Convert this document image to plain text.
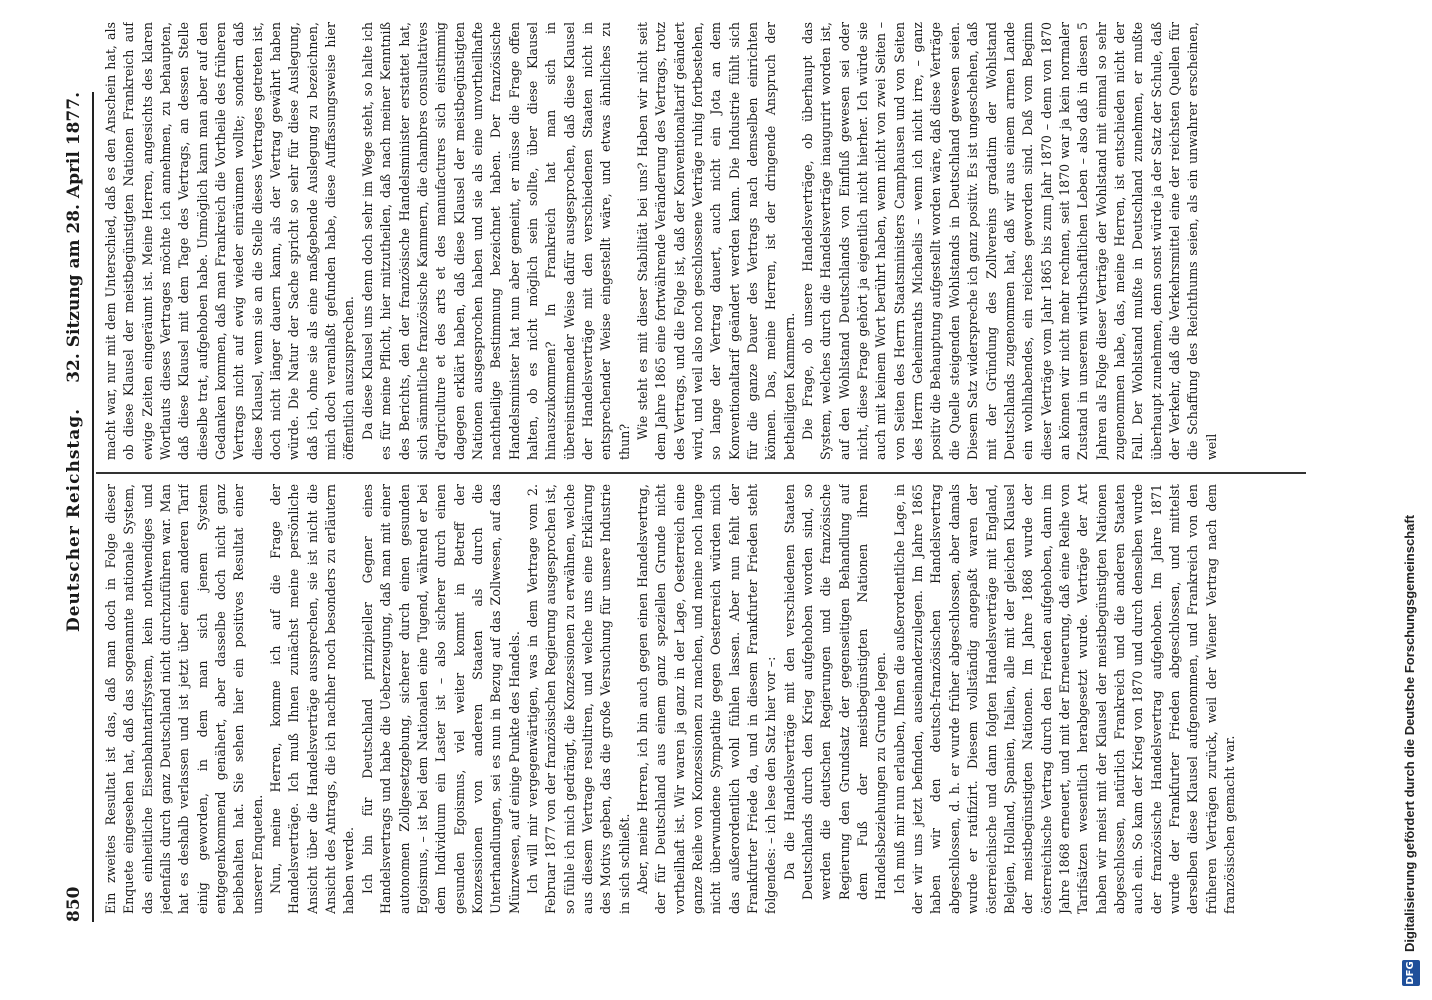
850
Deutscher Reichstag.
32. Sitzung am 28. April 1877.

Ein zweites Resultat ist das, daß man doch in Folge dieser Enquete eingesehen hat, daß das sogenannte nationale System, das einheitliche Eisenbahntarifsystem, kein nothwendiges und jedenfalls durch ganz Deutschland nicht durchzuführen war. Man hat es deshalb verlassen und ist jetzt über einen anderen Tarif einig geworden, in dem man sich jenem System entgegenkommend genähert, aber dasselbe doch nicht ganz beibehalten hat. Sie sehen hier ein positives Resultat einer unserer Enqueten. Nun, meine Herren, komme ich auf die Frage der Handelsverträge. Ich muß Ihnen zunächst meine persönliche Ansicht über die Handelsverträge aussprechen, sie ist nicht die Ansicht des Antrags, die ich nachher noch besonders zu erläutern haben werde. Ich bin für Deutschland prinzipieller Gegner eines Handelsvertrags und habe die Ueberzeugung, daß man mit einer autonomen Zollgesetzgebung, sicherer durch einen gesunden Egoismus, – ist bei dem Nationalen eine Tugend, während er bei dem Individuum ein Laster ist – also sicherer durch einen gesunden Egoismus, viel weiter kommt in Betreff der Konzessionen von anderen Staaten als durch die Unterhandlungen, sei es nun in Bezug auf das Zollwesen, auf das Münzwesen, auf einige Punkte des Handels. Ich will mir vergegenwärtigen, was in dem Vertrage vom 2. Februar 1877 von der französischen Regierung ausgesprochen ist, so fühle ich mich gedrängt, die Konzessionen zu erwähnen, welche aus diesem Vertrage resultiren, und welche uns eine Erklärung des Motivs geben, das die große Versuchung für unsere Industrie in sich schließt. Aber, meine Herren, ich bin auch gegen einen Handelsvertrag, der für Deutschland aus einem ganz speziellen Grunde nicht vortheilhaft ist. Wir waren ja ganz in der Lage, Oesterreich eine ganze Reihe von Konzessionen zu machen, und meine noch lange nicht überwundene Sympathie gegen Oesterreich würden mich das außerordentlich wohl fühlen lassen. Aber nun fehlt der Frankfurter Friede da, und in diesem Frankfurter Frieden steht folgendes: – ich lese den Satz hier vor –: Da die Handelsverträge mit den verschiedenen Staaten Deutschlands durch den Krieg aufgehoben worden sind, so werden die deutschen Regierungen und die französische Regierung den Grundsatz der gegenseitigen Behandlung auf dem Fuß der meistbegünstigten Nationen ihren Handelsbeziehungen zu Grunde legen. Ich muß mir nun erlauben, Ihnen die außerordentliche Lage, in der wir uns jetzt befinden, auseinanderzulegen. Im Jahre 1865 haben wir den deutsch-französischen Handelsvertrag abgeschlossen, d. h. er wurde früher abgeschlossen, aber damals wurde er ratifizirt. Diesem vollständig angepaßt waren der österreichische und dann folgten Handelsverträge mit England, Belgien, Holland, Spanien, Italien, alle mit der gleichen Klausel der meistbegünstigten Nationen. Im Jahre 1868 wurde der österreichische Vertrag durch den Frieden aufgehoben, dann im Jahre 1868 erneuert, und mit der Erneuerung, daß eine Reihe von Tarifsätzen wesentlich herabgesetzt wurde. Verträge der Art haben wir meist mit der Klausel der meistbegünstigten Nationen abgeschlossen, natürlich Frankreich und die anderen Staaten auch ein. So kam der Krieg von 1870 und durch denselben wurde der französische Handelsvertrag aufgehoben. Im Jahre 1871 wurde der Frankfurter Frieden abgeschlossen, und mittelst derselben diese Klausel aufgenommen, und Frankreich von den früheren Verträgen zurück, weil der Wiener Vertrag nach dem französischen gemacht war.

macht war, nur mit dem Unterschied, daß es den Anschein hat, als ob diese Klausel der meistbegünstigten Nationen Frankreich auf ewige Zeiten eingeräumt ist. Meine Herren, angesichts des klaren Wortlauts dieses Vertrages möchte ich annehmen, zu behaupten, daß diese Klausel mit dem Tage des Vertrags, an dessen Stelle dieselbe trat, aufgehoben habe. Unmöglich kann man aber auf den Gedanken kommen, daß man Frankreich die Vortheile des früheren Vertrags nicht auf ewig wieder einräumen wollte; sondern daß diese Klausel, wenn sie an die Stelle dieses Vertrages getreten ist, doch nicht länger dauern kann, als der Vertrag gewährt haben würde. Die Natur der Sache spricht so sehr für diese Auslegung, daß ich, ohne sie als eine maßgebende Auslegung zu bezeichnen, mich doch veranlaßt gefunden habe, diese Auffassungsweise hier öffentlich auszusprechen. Da diese Klausel uns denn doch sehr im Wege steht, so halte ich es für meine Pflicht, hier mitzutheilen, daß nach meiner Kenntniß des Berichts, den der französische Handelsminister erstattet hat, sich sämmtliche französische Kammern, die chambres consultatives d'agriculture et des arts et des manufactures sich einstimmig dagegen erklärt haben, daß diese Klausel der meistbegünstigten Nationen ausgesprochen haben und sie als eine unvortheilhafte nachtheilige Bestimmung bezeichnet haben. Der französische Handelsminister hat nun aber gemeint, er müsse die Frage offen halten, ob es nicht möglich sein sollte, über diese Klausel hinauszukommen? In Frankreich hat man sich in übereinstimmender Weise dafür ausgesprochen, daß diese Klausel der Handelsverträge mit den verschiedenen Staaten nicht in entsprechender Weise eingestellt wäre, und etwas ähnliches zu thun?

Wie steht es mit dieser Stabilität bei uns? Haben wir nicht seit dem Jahre 1865 eine fortwährende Veränderung des Vertrags, trotz des Vertrags, und die Folge ist, daß der Konventionaltarif geändert wird, und weil also noch geschlossene Verträge ruhig fortbestehen, so lange der Vertrag dauert, auch nicht ein Jota an dem Konventionaltarif geändert werden kann. Die Industrie fühlt sich für die ganze Dauer des Vertrags nach demselben einrichten können. Das, meine Herren, ist der dringende Anspruch der betheiligten Kammern. Die Frage, ob unsere Handelsverträge, ob überhaupt das System, welches durch die Handelsverträge inaugurirt worden ist, auf den Wohlstand Deutschlands von Einfluß gewesen sei oder nicht, diese Frage gehört ja eigentlich nicht hierher. Ich würde sie auch mit keinem Wort berührt haben, wenn nicht von zwei Seiten – von Seiten des Herrn Staatsministers Camphausen und von Seiten des Herrn Geheimraths Michaelis – wenn ich nicht irre, – ganz positiv die Behauptung aufgestellt worden wäre, daß diese Verträge die Quelle steigenden Wohlstands in Deutschland gewesen seien. Diesem Satz widerspreche ich ganz positiv. Es ist ungeschehen, daß mit der Gründung des Zollvereins gradatim der Wohlstand Deutschlands zugenommen hat, daß wir aus einem armen Lande ein wohlhabendes, ein reiches geworden sind. Daß vom Beginn dieser Verträge vom Jahr 1865 bis zum Jahr 1870 – denn von 1870 an können wir nicht mehr rechnen, seit 1870 war ja kein normaler Zustand in unserem wirthschaftlichen Leben – also daß in diesen 5 Jahren als Folge dieser Verträge der Wohlstand mit einmal so sehr zugenommen habe, das, meine Herren, ist entschieden nicht der Fall. Der Wohlstand mußte in Deutschland zunehmen, er mußte überhaupt zunehmen, denn sonst würde ja der Satz der Schule, daß der Verkehr, daß die Verkehrsmittel eine der reichsten Quellen für die Schaffung des Reichthums seien, als ein unwahrer erscheinen, weil

DFG
Digitalisierung gefördert durch die Deutsche Forschungsgemeinschaft
